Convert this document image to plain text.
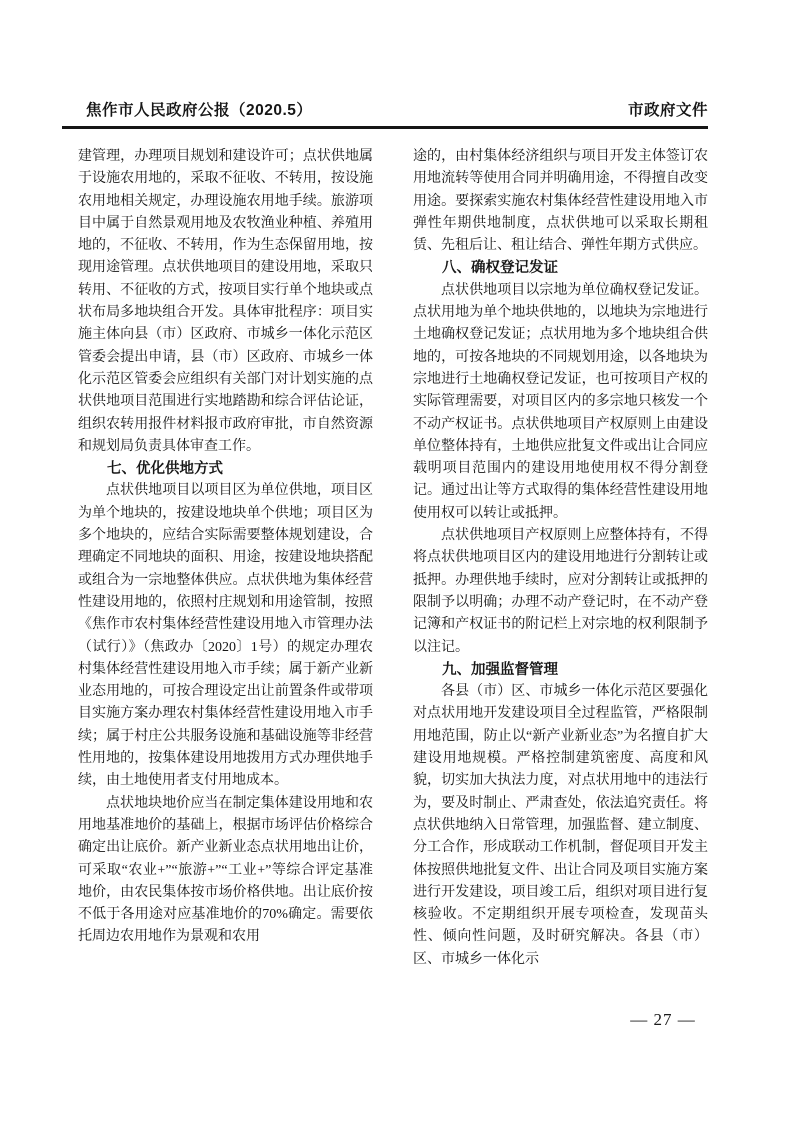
焦作市人民政府公报（2020.5）	市政府文件

建管理，办理项目规划和建设许可；点状供地属于设施农用地的，采取不征收、不转用，按设施农用地相关规定，办理设施农用地手续。旅游项目中属于自然景观用地及农牧渔业种植、养殖用地的，不征收、不转用，作为生态保留用地，按现用途管理。点状供地项目的建设用地，采取只转用、不征收的方式，按项目实行单个地块或点状布局多地块组合开发。具体审批程序：项目实施主体向县（市）区政府、市城乡一体化示范区管委会提出申请，县（市）区政府、市城乡一体化示范区管委会应组织有关部门对计划实施的点状供地项目范围进行实地踏勘和综合评估论证，组织农转用报件材料报市政府审批，市自然资源和规划局负责具体审查工作。

七、优化供地方式

点状供地项目以项目区为单位供地，项目区为单个地块的，按建设地块单个供地；项目区为多个地块的，应结合实际需要整体规划建设，合理确定不同地块的面积、用途，按建设地块搭配或组合为一宗地整体供应。点状供地为集体经营性建设用地的，依照村庄规划和用途管制，按照《焦作市农村集体经营性建设用地入市管理办法（试行）》（焦政办〔2020〕1号）的规定办理农村集体经营性建设用地入市手续；属于新产业新业态用地的，可按合理设定出让前置条件或带项目实施方案办理农村集体经营性建设用地入市手续；属于村庄公共服务设施和基础设施等非经营性用地的，按集体建设用地拨用方式办理供地手续，由土地使用者支付用地成本。

点状地块地价应当在制定集体建设用地和农用地基准地价的基础上，根据市场评估价格综合确定出让底价。新产业新业态点状用地出让价，可采取“农业+”“旅游+”“工业+”等综合评定基准地价，由农民集体按市场价格供地。出让底价按不低于各用途对应基准地价的70%确定。需要依托周边农用地作为景观和农用

途的，由村集体经济组织与项目开发主体签订农用地流转等使用合同并明确用途，不得擅自改变用途。要探索实施农村集体经营性建设用地入市弹性年期供地制度，点状供地可以采取长期租赁、先租后让、租让结合、弹性年期方式供应。

八、确权登记发证

点状供地项目以宗地为单位确权登记发证。点状用地为单个地块供地的，以地块为宗地进行土地确权登记发证；点状用地为多个地块组合供地的，可按各地块的不同规划用途，以各地块为宗地进行土地确权登记发证，也可按项目产权的实际管理需要，对项目区内的多宗地只核发一个不动产权证书。点状供地项目产权原则上由建设单位整体持有，土地供应批复文件或出让合同应载明项目范围内的建设用地使用权不得分割登记。通过出让等方式取得的集体经营性建设用地使用权可以转让或抵押。

点状供地项目产权原则上应整体持有，不得将点状供地项目区内的建设用地进行分割转让或抵押。办理供地手续时，应对分割转让或抵押的限制予以明确；办理不动产登记时，在不动产登记簿和产权证书的附记栏上对宗地的权利限制予以注记。

九、加强监督管理

各县（市）区、市城乡一体化示范区要强化对点状用地开发建设项目全过程监管，严格限制用地范围，防止以“新产业新业态”为名擅自扩大建设用地规模。严格控制建筑密度、高度和风貌，切实加大执法力度，对点状用地中的违法行为，要及时制止、严肃查处，依法追究责任。将点状供地纳入日常管理，加强监督、建立制度、分工合作，形成联动工作机制，督促项目开发主体按照供地批复文件、出让合同及项目实施方案进行开发建设，项目竣工后，组织对项目进行复核验收。不定期组织开展专项检查，发现苗头性、倾向性问题，及时研究解决。各县（市）区、市城乡一体化示

— 27 —
